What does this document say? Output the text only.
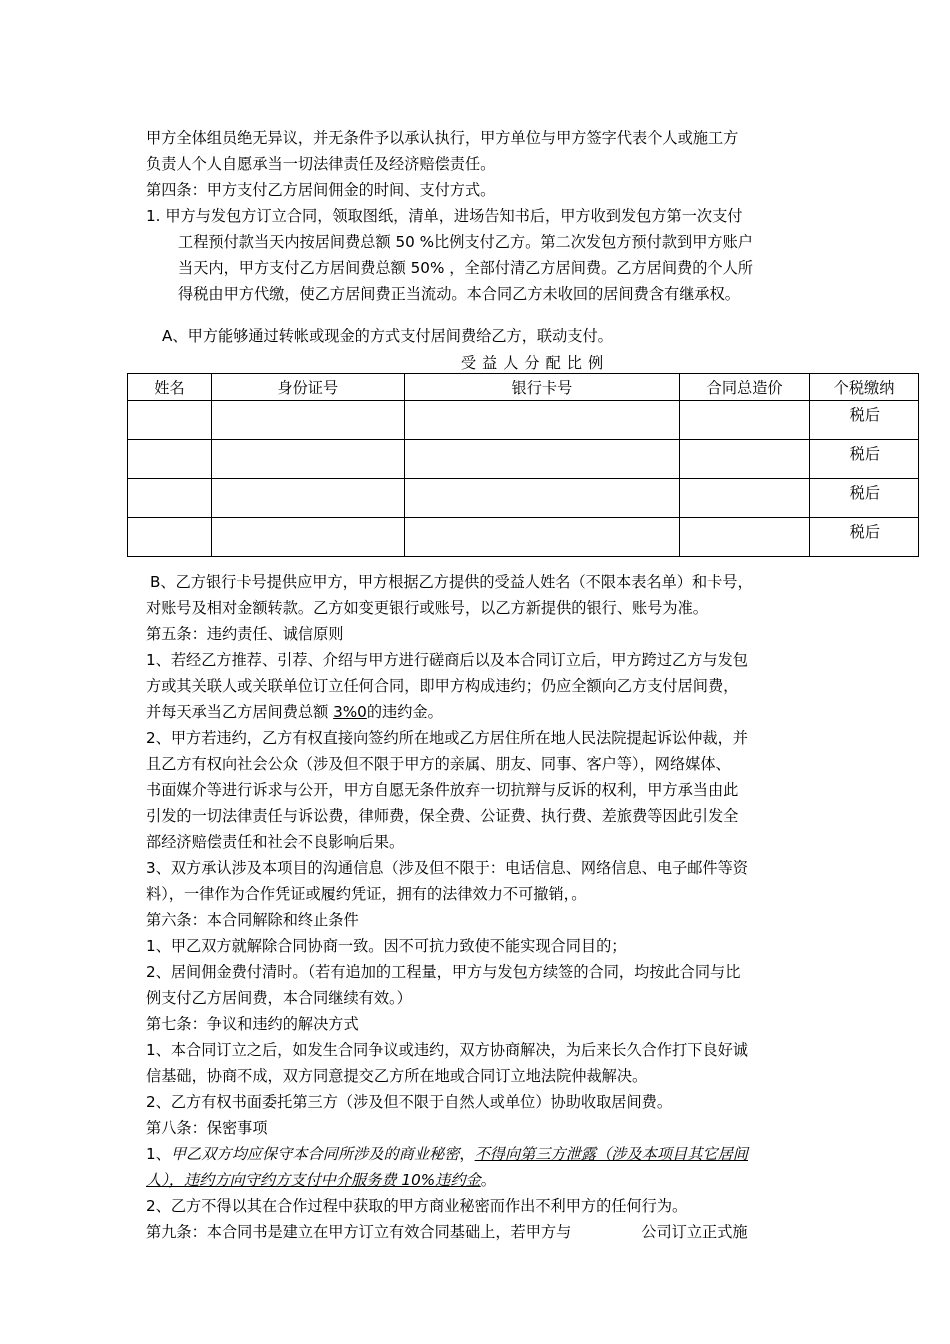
甲方全体组员绝无异议，并无条件予以承认执行，甲方单位与甲方签字代表个人或施工方
负责人个人自愿承当一切法律责任及经济赔偿责任。
第四条：甲方支付乙方居间佣金的时间、支付方式。
1. 甲方与发包方订立合同，领取图纸，清单，进场告知书后，甲方收到发包方第一次支付
工程预付款当天内按居间费总额 50 %比例支付乙方。第二次发包方预付款到甲方账户
当天内，甲方支付乙方居间费总额 50% ，全部付清乙方居间费。乙方居间费的个人所
得税由甲方代缴，使乙方居间费正当流动。本合同乙方未收回的居间费含有继承权。
A、甲方能够通过转帐或现金的方式支付居间费给乙方，联动支付。
受益人分配比例
姓名	身份证号	银行卡号	合同总造价	个税缴纳
				税后
				税后
				税后
				税后
B、乙方银行卡号提供应甲方，甲方根据乙方提供的受益人姓名（不限本表名单）和卡号，
对账号及相对金额转款。乙方如变更银行或账号，以乙方新提供的银行、账号为准。
第五条：违约责任、诚信原则
1、若经乙方推荐、引荐、介绍与甲方进行磋商后以及本合同订立后，甲方跨过乙方与发包
方或其关联人或关联单位订立任何合同，即甲方构成违约；仍应全额向乙方支付居间费，
并每天承当乙方居间费总额 3%0的违约金。
2、甲方若违约，乙方有权直接向签约所在地或乙方居住所在地人民法院提起诉讼仲裁，并
且乙方有权向社会公众（涉及但不限于甲方的亲属、朋友、同事、客户等），网络媒体、
书面媒介等进行诉求与公开，甲方自愿无条件放弃一切抗辩与反诉的权利，甲方承当由此
引发的一切法律责任与诉讼费，律师费，保全费、公证费、执行费、差旅费等因此引发全
部经济赔偿责任和社会不良影响后果。
3、双方承认涉及本项目的沟通信息（涉及但不限于：电话信息、网络信息、电子邮件等资
料），一律作为合作凭证或履约凭证，拥有的法律效力不可撤销，。
第六条：本合同解除和终止条件
1、甲乙双方就解除合同协商一致。因不可抗力致使不能实现合同目的；
2、居间佣金费付清时。（若有追加的工程量，甲方与发包方续签的合同，均按此合同与比
例支付乙方居间费，本合同继续有效。）
第七条：争议和违约的解决方式
1、本合同订立之后，如发生合同争议或违约，双方协商解决，为后来长久合作打下良好诚
信基础，协商不成，双方同意提交乙方所在地或合同订立地法院仲裁解决。
2、乙方有权书面委托第三方（涉及但不限于自然人或单位）协助收取居间费。
第八条：保密事项
1、甲乙双方均应保守本合同所涉及的商业秘密，不得向第三方泄露（涉及本项目其它居间
人），违约方向守约方支付中介服务费 10%违约金。
2、乙方不得以其在合作过程中获取的甲方商业秘密而作出不利甲方的任何行为。
第九条：本合同书是建立在甲方订立有效合同基础上，若甲方与	公司订立正式施
